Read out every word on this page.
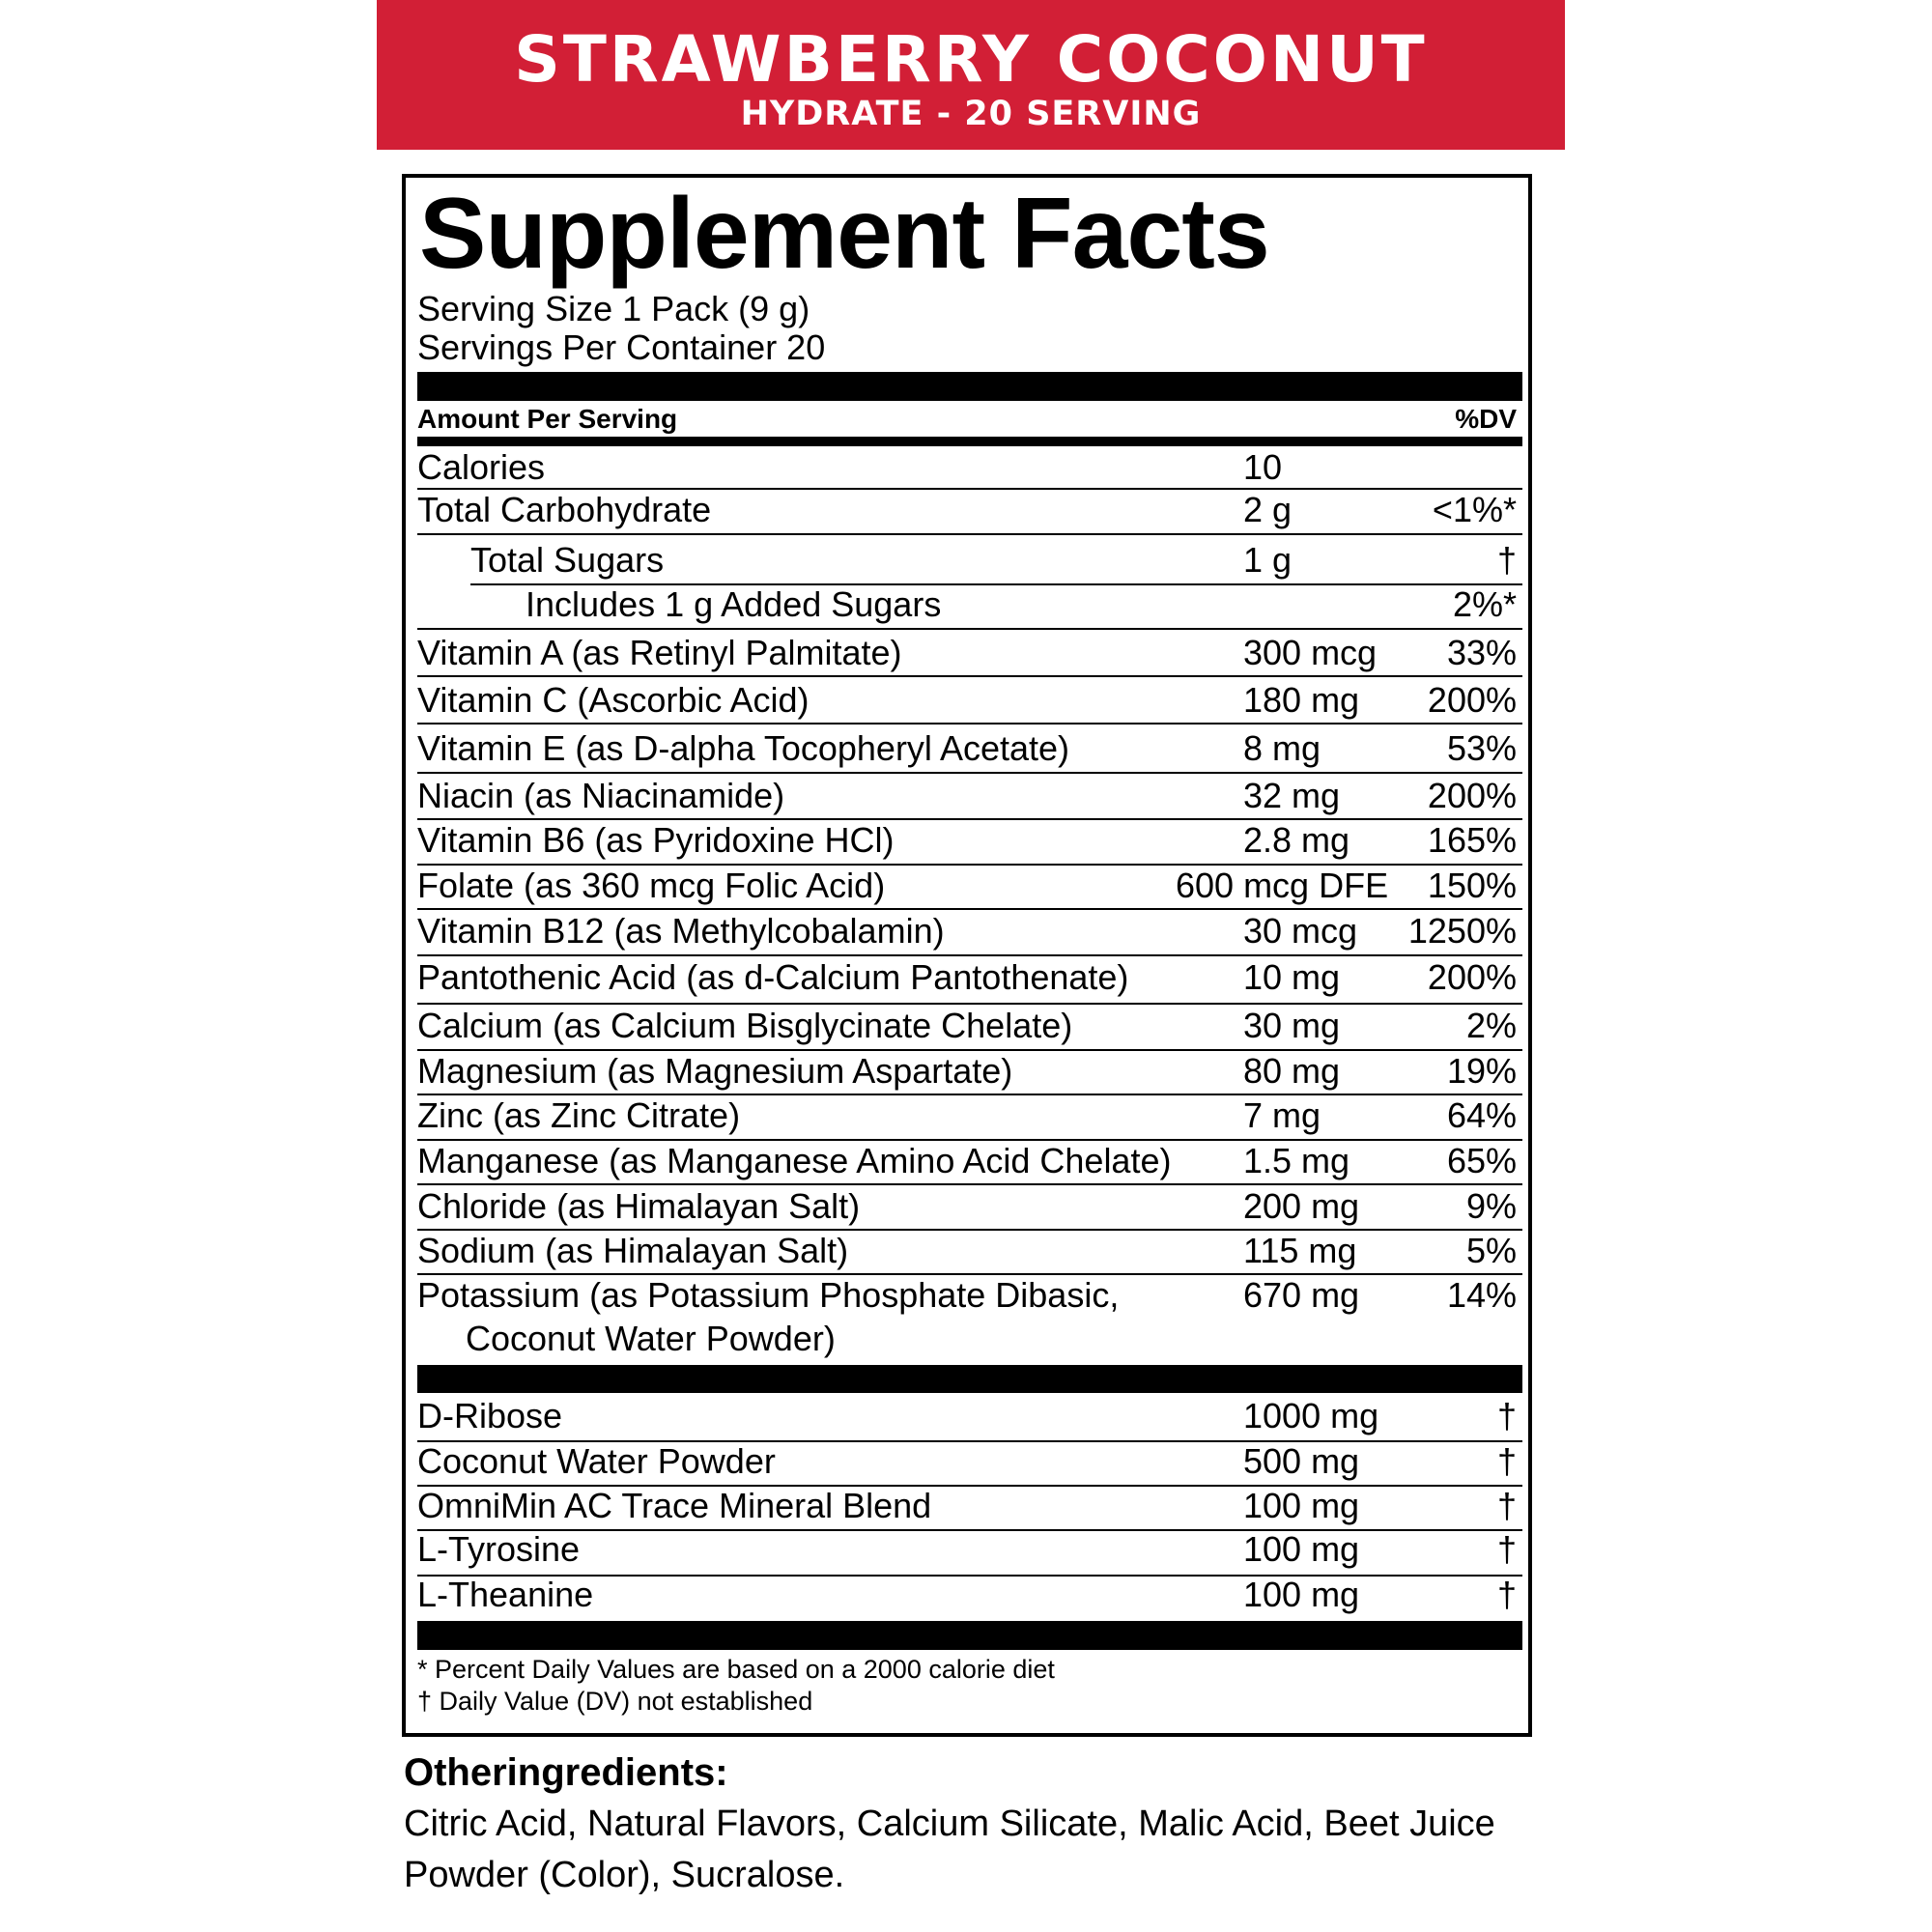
STRAWBERRY COCONUT
HYDRATE - 20 SERVING
Supplement Facts
Serving Size 1 Pack (9 g)
Servings Per Container 20
Amount Per Serving	%DV
Calories	10
Total Carbohydrate	2 g	<1%*
Total Sugars	1 g	†
Includes 1 g Added Sugars	2%*
Vitamin A (as Retinyl Palmitate)	300 mcg 33%
Vitamin C (Ascorbic Acid)	180 mg 200%
Vitamin E (as D-alpha Tocopheryl Acetate)	8 mg	53%
Niacin (as Niacinamide)	32 mg	200%
Vitamin B6 (as Pyridoxine HCl)	2.8 mg 165%
Folate (as 360 mcg Folic Acid)	600 mcg DFE 150%
Vitamin B12 (as Methylcobalamin)	30 mcg 1250%
Pantothenic Acid (as d-Calcium Pantothenate)	10 mg	200%
Calcium (as Calcium Bisglycinate Chelate)	30 mg	2%
Magnesium (as Magnesium Aspartate)	80 mg	19%
Zinc (as Zinc Citrate)	7 mg	64%
Manganese (as Manganese Amino Acid Chelate) 1.5 mg	65%
Chloride (as Himalayan Salt)	200 mg	9%
Sodium (as Himalayan Salt)	115 mg	5%
Potassium (as Potassium Phosphate Dibasic,
Coconut Water Powder)
670 mg	14%
D-Ribose	1000 mg	†
Coconut Water Powder	500 mg	†
OmniMin AC Trace Mineral Blend	100 mg	†
L-Tyrosine	100 mg	†
L-Theanine	100 mg	†
* Percent Daily Values are based on a 2000 calorie diet
† Daily Value (DV) not established
Otheringredients:
Citric Acid, Natural Flavors, Calcium Silicate, Malic Acid, Beet Juice Powder (Color), Sucralose.
